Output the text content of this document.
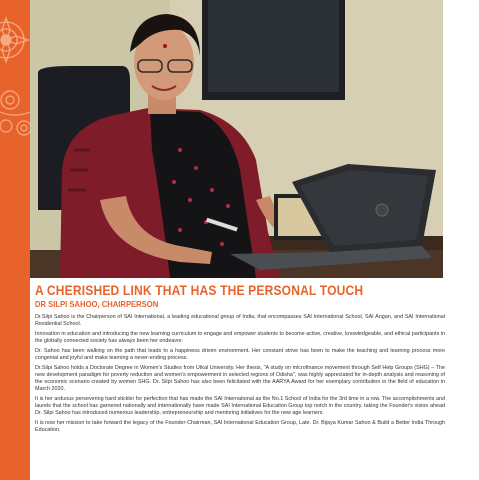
A CHERISHED LINK THAT HAS THE PERSONAL TOUCH
DR SILPI SAHOO, CHAIRPERSON

Dr.Silpi Sahoo is the Chairperson of SAI International, a leading educational group of India, that encompasses SAI International School, SAI Angan, and SAI International Residential School.

Innovation in education and introducing the new learning curriculum to engage and empower students to become active, creative, knowledgeable, and ethical participants in the globally connected society has always been her endeavor.

Dr. Sahoo has been walking on the path that leads to a happiness driven environment. Her constant strive has been to make the teaching and learning process more congenial and joyful and make learning a never-ending process.

Dr.Silpi Sahoo holds a Doctorate Degree in Women's Studies from Utkal University. Her thesis, "A study on microfinance movement through Self Help Groups (SHG) – The new development paradigm for poverty reduction and women's empowerment in selected regions of Odisha", was highly appreciated for in-depth analysis and reasoning of the economic scenario created by women SHG. Dr. Silpi Sahoo has also been felicitated with the AARYA Award for her exemplary contribution in the field of education in March 2020.

It is her arduous persevering hard stickler for perfection that has made the SAI International as the No.1 School of India for the 3rd time in a row. The accomplishments and laurels that the school has garnered nationally and internationally have made SAI International Education Group top notch in the country. taking the Founder's vision ahead Dr. Silpi Sahoo has introduced numerous leadership, entrepreneurship and mentoring initiatives for the new age learners.

It is now her mission to take forward the legacy of the Founder-Chairman, SAI International Education Group, Late. Dr. Bijaya Kumar Sahoo & Build a Better India Through Education.
